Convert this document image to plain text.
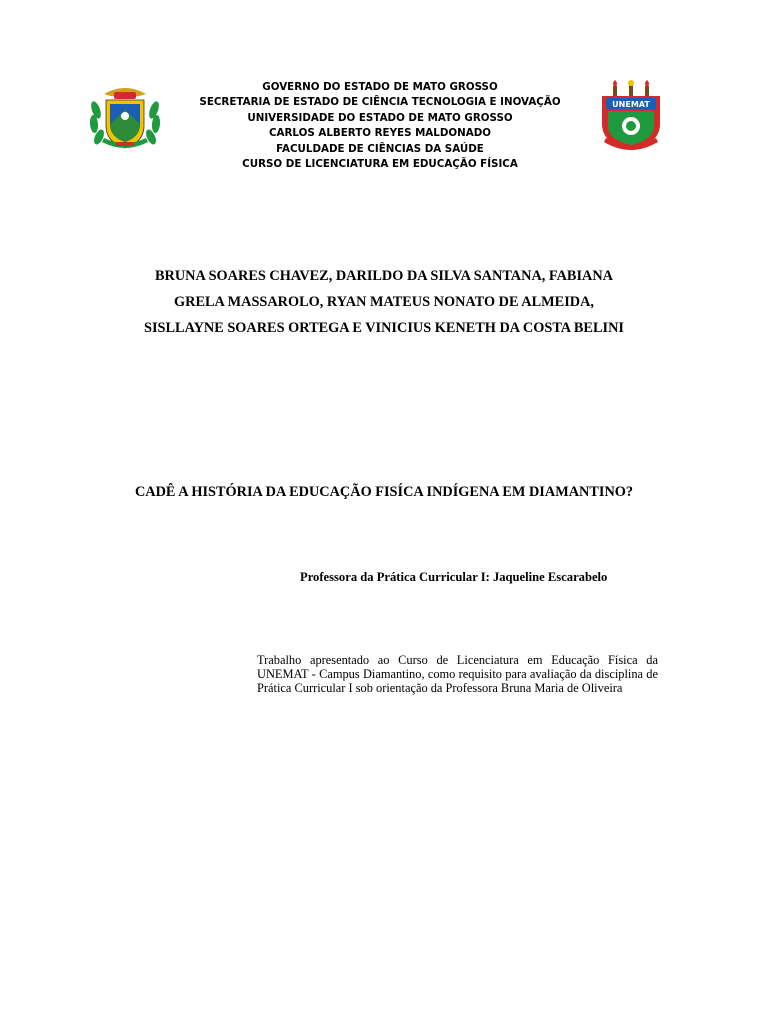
GOVERNO DO ESTADO DE MATO GROSSO
SECRETARIA DE ESTADO DE CIÊNCIA TECNOLOGIA E INOVAÇÃO
UNIVERSIDADE DO ESTADO DE MATO GROSSO
CARLOS ALBERTO REYES MALDONADO
FACULDADE DE CIÊNCIAS DA SAÚDE
CURSO DE LICENCIATURA EM EDUCAÇÃO FÍSICA
UNEMAT
BRUNA SOARES CHAVEZ, DARILDO DA SILVA SANTANA, FABIANA
GRELA MASSAROLO, RYAN MATEUS NONATO DE ALMEIDA,
SISLLAYNE SOARES ORTEGA E VINICIUS KENETH DA COSTA BELINI
CADÊ A HISTÓRIA DA EDUCAÇÃO FISÍCA INDÍGENA EM DIAMANTINO?
Professora da Prática Curricular I: Jaqueline Escarabelo
Trabalho apresentado ao Curso de Licenciatura em Educação Física da UNEMAT - Campus Diamantino, como requisito para avaliação da disciplina de Prática Curricular I sob orientação da Professora Bruna Maria de Oliveira
